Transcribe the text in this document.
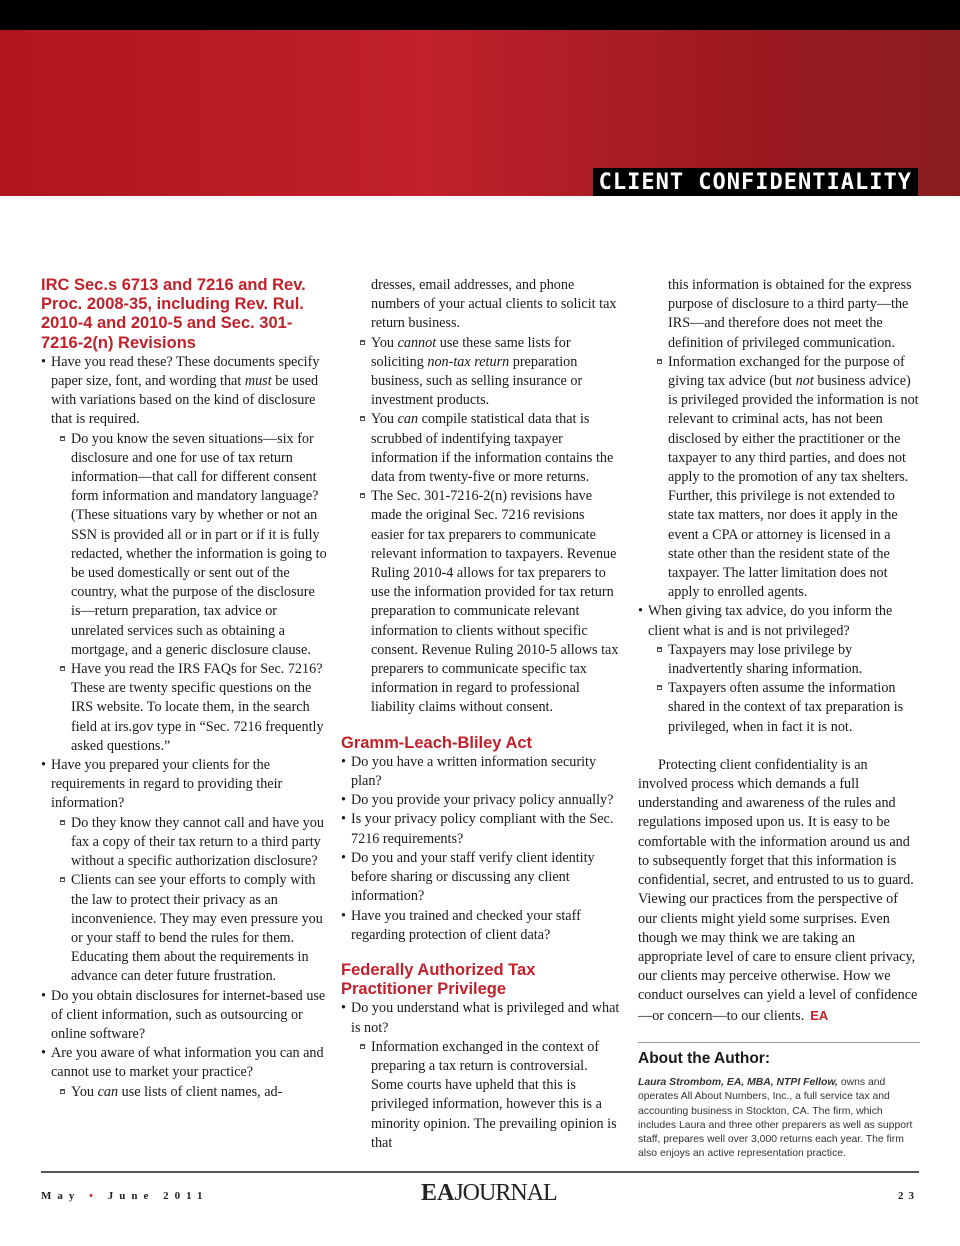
CLIENT CONFIDENTIALITY
IRC Sec.s 6713 and 7216 and Rev. Proc. 2008-35, including Rev. Rul. 2010-4 and 2010-5 and Sec. 301-7216-2(n) Revisions
• Have you read these? These documents specify paper size, font, and wording that must be used with variations based on the kind of disclosure that is required.
Do you know the seven situations—six for disclosure and one for use of tax return information—that call for different consent form information and mandatory language? (These situations vary by whether or not an SSN is provided all or in part or if it is fully redacted, whether the information is going to be used domestically or sent out of the country, what the purpose of the disclosure is—return preparation, tax advice or unrelated services such as obtaining a mortgage, and a generic disclosure clause.
Have you read the IRS FAQs for Sec. 7216? These are twenty specific questions on the IRS website. To locate them, in the search field at irs.gov type in “Sec. 7216 frequently asked questions.”
• Have you prepared your clients for the requirements in regard to providing their information?
Do they know they cannot call and have you fax a copy of their tax return to a third party without a specific authorization disclosure?
Clients can see your efforts to comply with the law to protect their privacy as an inconvenience. They may even pressure you or your staff to bend the rules for them. Educating them about the requirements in advance can deter future frustration.
• Do you obtain disclosures for internet-based use of client information, such as outsourcing or online software?
• Are you aware of what information you can and cannot use to market your practice?
You can use lists of client names, ad-
dresses, email addresses, and phone numbers of your actual clients to solicit tax return business.
You cannot use these same lists for soliciting non-tax return preparation business, such as selling insurance or investment products.
You can compile statistical data that is scrubbed of indentifying taxpayer information if the information contains the data from twenty-five or more returns.
The Sec. 301-7216-2(n) revisions have made the original Sec. 7216 revisions easier for tax preparers to communicate relevant information to taxpayers. Revenue Ruling 2010-4 allows for tax preparers to use the information provided for tax return preparation to communicate relevant information to clients without specific consent. Revenue Ruling 2010-5 allows tax preparers to communicate specific tax information in regard to professional liability claims without consent.
Gramm-Leach-Bliley Act
• Do you have a written information security plan?
• Do you provide your privacy policy annually?
• Is your privacy policy compliant with the Sec. 7216 requirements?
• Do you and your staff verify client identity before sharing or discussing any client information?
• Have you trained and checked your staff regarding protection of client data?
Federally Authorized Tax Practitioner Privilege
• Do you understand what is privileged and what is not?
Information exchanged in the context of preparing a tax return is controversial. Some courts have upheld that this is privileged information, however this is a minority opinion. The prevailing opinion is that
this information is obtained for the express purpose of disclosure to a third party—the IRS—and therefore does not meet the definition of privileged communication.
Information exchanged for the purpose of giving tax advice (but not business advice) is privileged provided the information is not relevant to criminal acts, has not been disclosed by either the practitioner or the taxpayer to any third parties, and does not apply to the promotion of any tax shelters. Further, this privilege is not extended to state tax matters, nor does it apply in the event a CPA or attorney is licensed in a state other than the resident state of the taxpayer. The latter limitation does not apply to enrolled agents.
• When giving tax advice, do you inform the client what is and is not privileged?
Taxpayers may lose privilege by inadvertently sharing information.
Taxpayers often assume the information shared in the context of tax preparation is privileged, when in fact it is not.

Protecting client confidentiality is an involved process which demands a full understanding and awareness of the rules and regulations imposed upon us. It is easy to be comfortable with the information around us and to subsequently forget that this information is confidential, secret, and entrusted to us to guard. Viewing our practices from the perspective of our clients might yield some surprises. Even though we may think we are taking an appropriate level of care to ensure client privacy, our clients may perceive otherwise. How we conduct ourselves can yield a level of confidence—or concern—to our clients. EA

About the Author:

Laura Strombom, EA, MBA, NTPI Fellow, owns and operates All About Numbers, Inc., a full service tax and accounting business in Stockton, CA. The firm, which includes Laura and three other preparers as well as support staff, prepares well over 3,000 returns each year. The firm also enjoys an active representation practice.

May • June 2011	EAJOURNAL	23
